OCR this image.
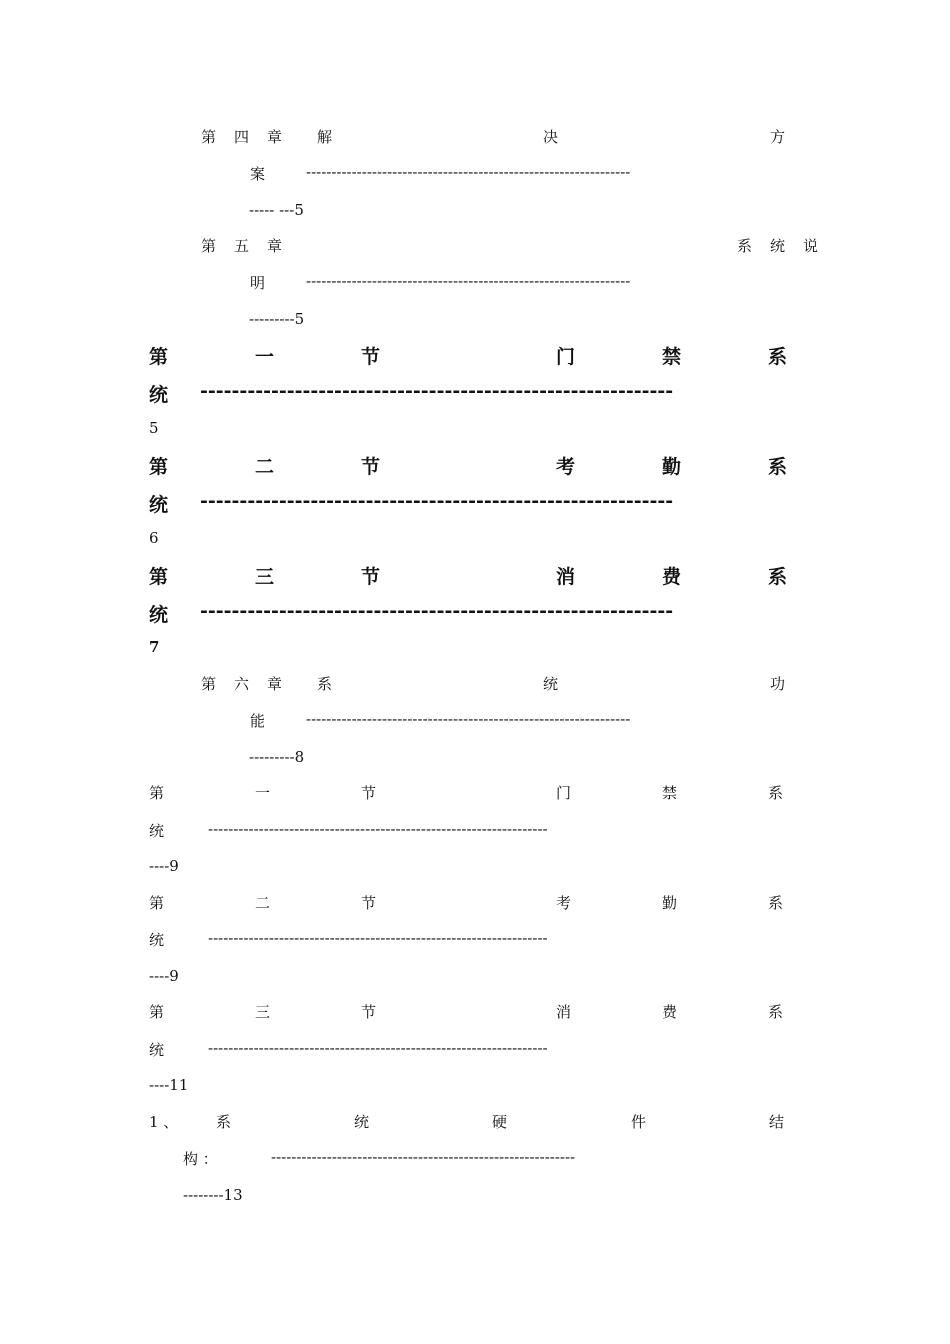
第 四 章 解	决	方
案	----------------------------------------------------------------
----- ---5
第 五 章	系 统 说
明	----------------------------------------------------------------
---------5
第	一	节	门	禁	系
统 ------------------------------------------------------------
5
第	二	节	考	勤	系
统 ------------------------------------------------------------
6
第	三	节	消	费	系
统 ------------------------------------------------------------
7
第 六 章 系	统	功
能	----------------------------------------------------------------
---------8
第	一	节	门	禁	系
统	-------------------------------------------------------------------
----9
第	二	节	考	勤	系
统	-------------------------------------------------------------------
----9
第	三	节	消	费	系
统	-------------------------------------------------------------------
----11
1 、	系	统	硬	件	结
构 ：	------------------------------------------------------------
--------13
